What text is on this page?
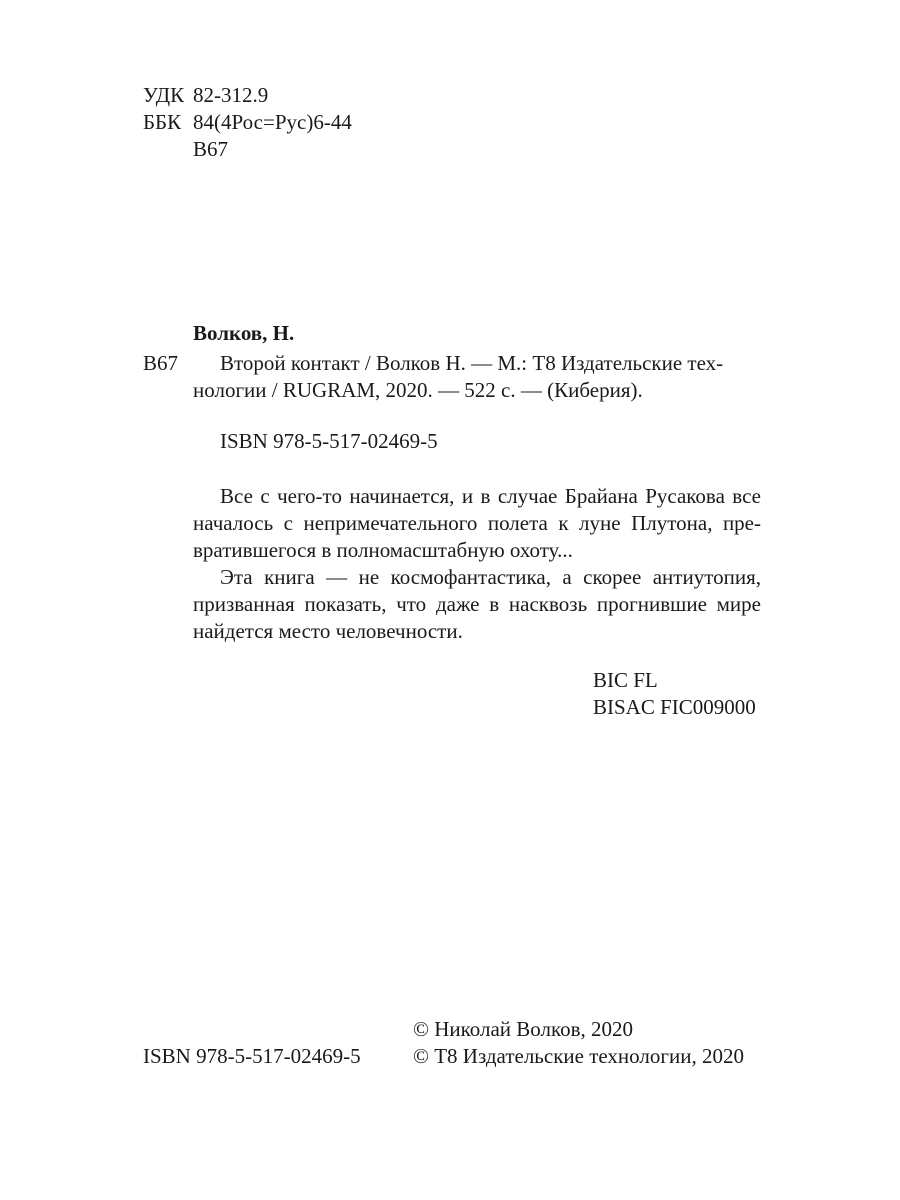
УДК 82-312.9
ББК 84(4Рос=Рус)6-44
В67
Волков, Н.
В67	Второй контакт / Волков Н. — М.: Т8 Издательские тех-
нологии / RUGRAM, 2020. — 522 с. — (Киберия).
ISBN 978-5-517-02469-5
Все с чего-то начинается, и в случае Брайана Русакова все
началось с непримечательного полета к луне Плутона, пре-
вратившегося в полномасштабную охоту...
Эта книга — не космофантастика, а скорее антиутопия,
призванная показать, что даже в насквозь прогнившие мире
найдется место человечности.
BIC FL
BISAC FIC009000
ISBN 978-5-517-02469-5
© Николай Волков, 2020
© Т8 Издательские технологии, 2020
